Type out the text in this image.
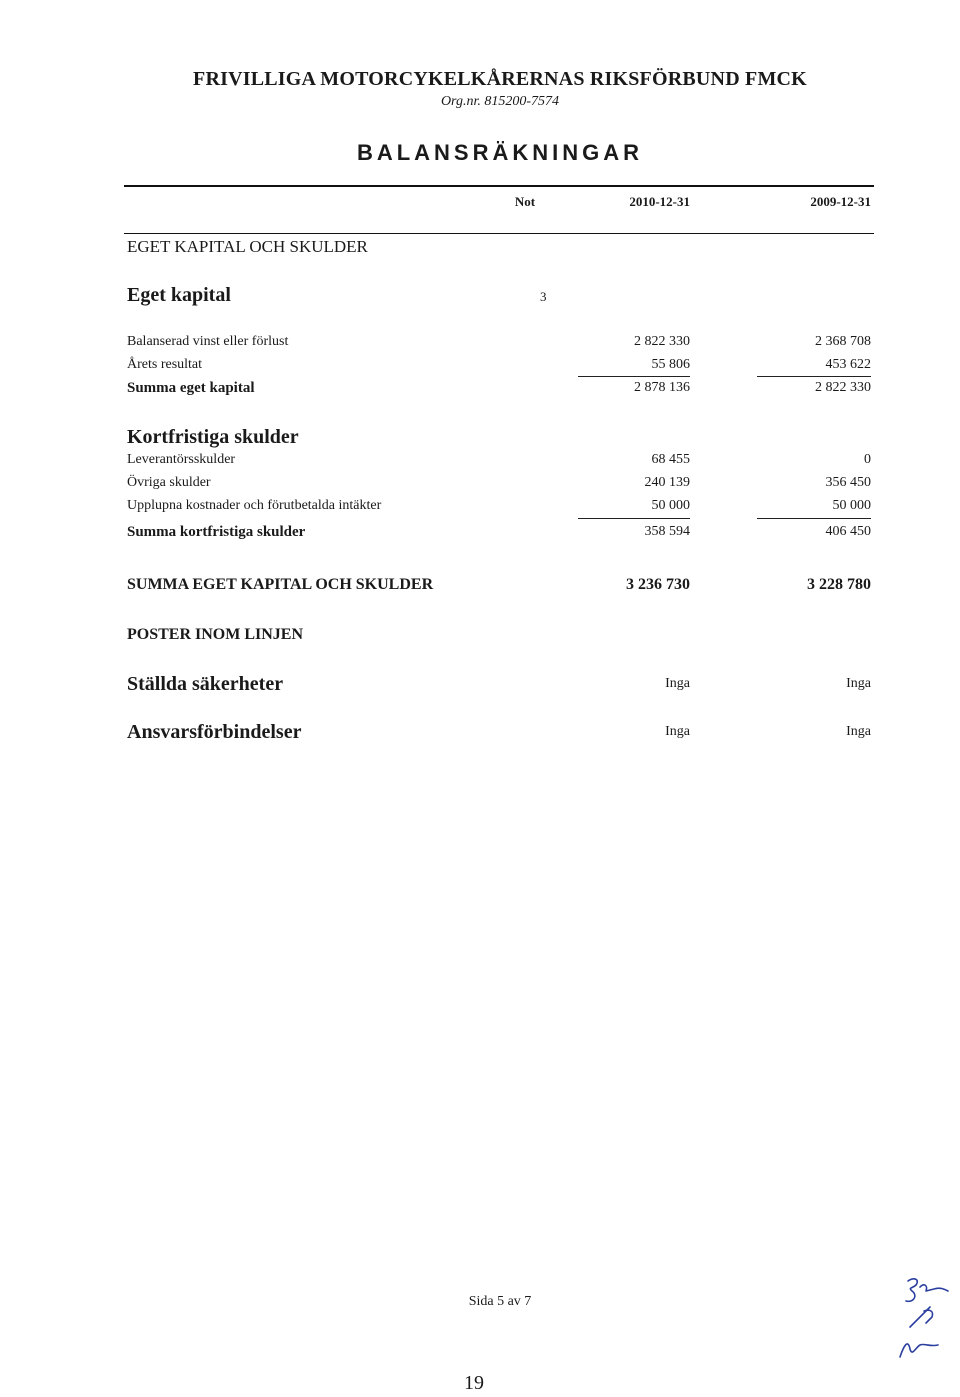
FRIVILLIGA MOTORCYKELKÅRERNAS RIKSFÖRBUND FMCK
Org.nr. 815200-7574
BALANSRÄKNINGAR
Not	2010-12-31	2009-12-31
EGET KAPITAL OCH SKULDER
Eget kapital	3
Balanserad vinst eller förlust	2 822 330	2 368 708
Årets resultat	55 806	453 622
Summa eget kapital	2 878 136	2 822 330
Kortfristiga skulder
Leverantörsskulder	68 455	0
Övriga skulder	240 139	356 450
Upplupna kostnader och förutbetalda intäkter	50 000	50 000
Summa kortfristiga skulder	358 594	406 450
SUMMA EGET KAPITAL OCH SKULDER	3 236 730	3 228 780
POSTER INOM LINJEN
Ställda säkerheter	Inga	Inga
Ansvarsförbindelser	Inga	Inga
Sida 5 av 7
19
